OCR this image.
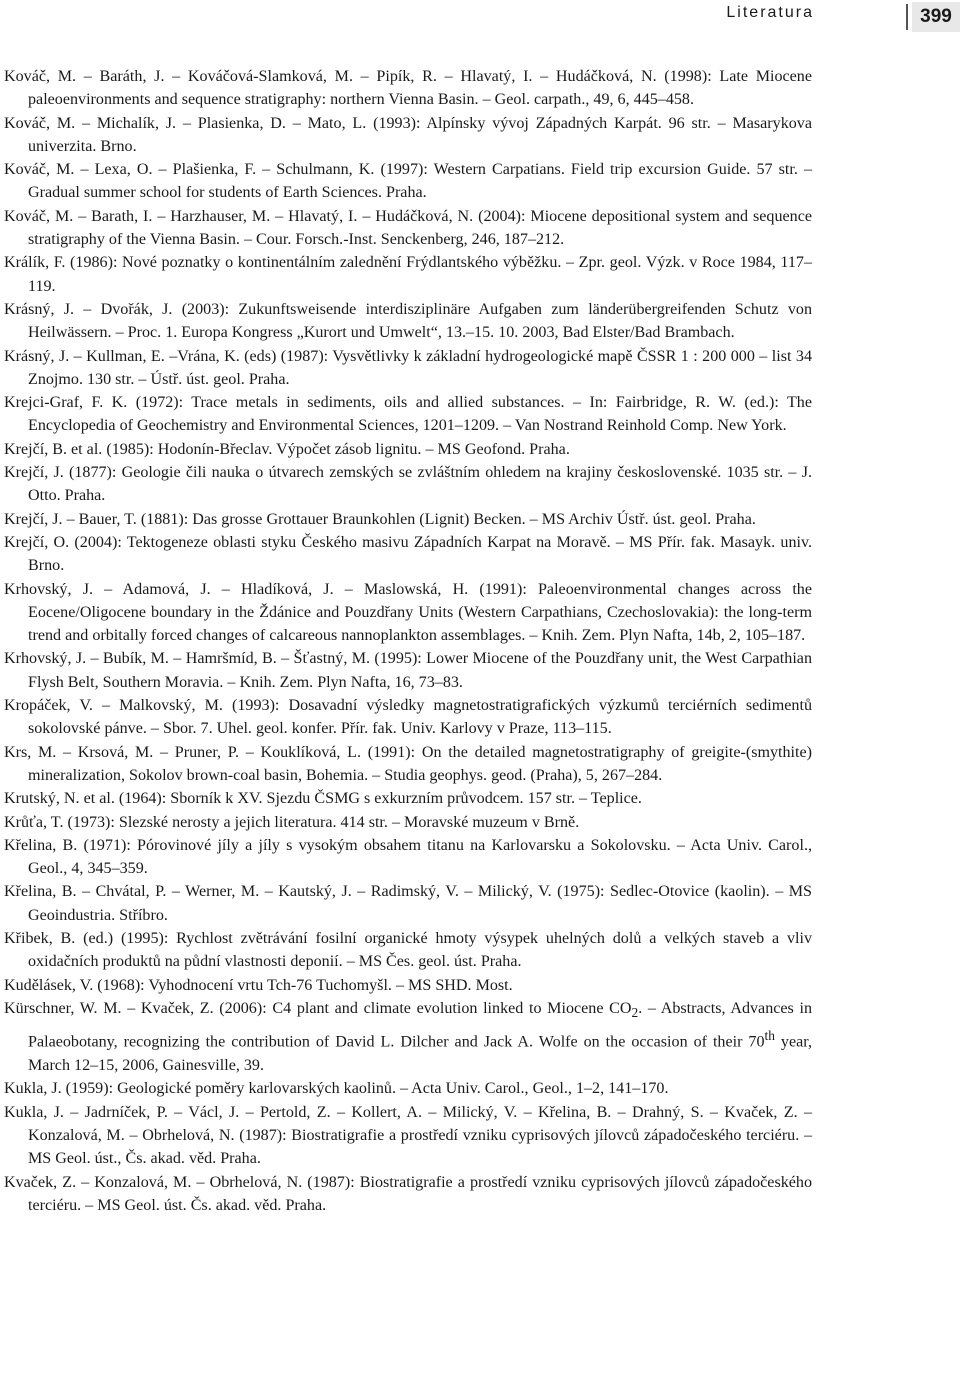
Literatura	399

Kováč, M. – Baráth, J. – Kováčová-Slamková, M. – Pipík, R. – Hlavatý, I. – Hudáčková, N. (1998): Late Miocene paleoenvironments and sequence stratigraphy: northern Vienna Basin. – Geol. carpath., 49, 6, 445–458.

Kováč, M. – Michalík, J. – Plasienka, D. – Mato, L. (1993): Alpínsky vývoj Západných Karpát. 96 str. – Masarykova univerzita. Brno.

Kováč, M. – Lexa, O. – Plašienka, F. – Schulmann, K. (1997): Western Carpatians. Field trip excursion Guide. 57 str. – Gradual summer school for students of Earth Sciences. Praha.

Kováč, M. – Barath, I. – Harzhauser, M. – Hlavatý, I. – Hudáčková, N. (2004): Miocene depositional system and sequence stratigraphy of the Vienna Basin. – Cour. Forsch.-Inst. Senckenberg, 246, 187–212.

Králík, F. (1986): Nové poznatky o kontinentálním zalednění Frýdlantského výběžku. – Zpr. geol. Výzk. v Roce 1984, 117–119.

Krásný, J. – Dvořák, J. (2003): Zukunftsweisende interdisziplinäre Aufgaben zum länderübergreifenden Schutz von Heilwässern. – Proc. 1. Europa Kongress „Kurort und Umwelt“, 13.–15. 10. 2003, Bad Elster/Bad Brambach.

Krásný, J. – Kullman, E. –Vrána, K. (eds) (1987): Vysvětlivky k základní hydrogeologické mapě ČSSR 1 : 200 000 – list 34 Znojmo. 130 str. – Ústř. úst. geol. Praha.

Krejci-Graf, F. K. (1972): Trace metals in sediments, oils and allied substances. – In: Fairbridge, R. W. (ed.): The Encyclopedia of Geochemistry and Environmental Sciences, 1201–1209. – Van Nostrand Reinhold Comp. New York.

Krejčí, B. et al. (1985): Hodonín-Břeclav. Výpočet zásob lignitu. – MS Geofond. Praha.

Krejčí, J. (1877): Geologie čili nauka o útvarech zemských se zvláštním ohledem na krajiny československé. 1035 str. – J. Otto. Praha.

Krejčí, J. – Bauer, T. (1881): Das grosse Grottauer Braunkohlen (Lignit) Becken. – MS Archiv Ústř. úst. geol. Praha.

Krejčí, O. (2004): Tektogeneze oblasti styku Českého masivu Západních Karpat na Moravě. – MS Přír. fak. Masayk. univ. Brno.

Krhovský, J. – Adamová, J. – Hladíková, J. – Maslowská, H. (1991): Paleoenvironmental changes across the Eocene/Oligocene boundary in the Ždánice and Pouzdřany Units (Western Carpathians, Czechoslovakia): the long-term trend and orbitally forced changes of calcareous nannoplankton assemblages. – Knih. Zem. Plyn Nafta, 14b, 2, 105–187.

Krhovský, J. – Bubík, M. – Hamršmíd, B. – Šťastný, M. (1995): Lower Miocene of the Pouzdřany unit, the West Carpathian Flysh Belt, Southern Moravia. – Knih. Zem. Plyn Nafta, 16, 73–83.

Kropáček, V. – Malkovský, M. (1993): Dosavadní výsledky magnetostratigrafických výzkumů terciérních sedimentů sokolovské pánve. – Sbor. 7. Uhel. geol. konfer. Přír. fak. Univ. Karlovy v Praze, 113–115.

Krs, M. – Krsová, M. – Pruner, P. – Kouklíková, L. (1991): On the detailed magnetostratigraphy of greigite-(smythite) mineralization, Sokolov brown-coal basin, Bohemia. – Studia geophys. geod. (Praha), 5, 267–284.

Krutský, N. et al. (1964): Sborník k XV. Sjezdu ČSMG s exkurzním průvodcem. 157 str. – Teplice.

Krůťa, T. (1973): Slezské nerosty a jejich literatura. 414 str. – Moravské muzeum v Brně.

Křelina, B. (1971): Pórovinové jíly a jíly s vysokým obsahem titanu na Karlovarsku a Sokolovsku. – Acta Univ. Carol., Geol., 4, 345–359.

Křelina, B. – Chvátal, P. – Werner, M. – Kautský, J. – Radimský, V. – Milický, V. (1975): Sedlec-Otovice (kaolin). – MS Geoindustria. Stříbro.

Křibek, B. (ed.) (1995): Rychlost zvětrávání fosilní organické hmoty výsypek uhelných dolů a velkých staveb a vliv oxidačních produktů na půdní vlastnosti deponií. – MS Čes. geol. úst. Praha.

Kudělásek, V. (1968): Vyhodnocení vrtu Tch-76 Tuchomyšl. – MS SHD. Most.

Kürschner, W. M. – Kvaček, Z. (2006): C4 plant and climate evolution linked to Miocene $CO_2$. – Abstracts, Advances in Palaeobotany, recognizing the contribution of David L. Dilcher and Jack A. Wolfe on the occasion of their 70th year, March 12–15, 2006, Gainesville, 39.

Kukla, J. (1959): Geologické poměry karlovarských kaolinů. – Acta Univ. Carol., Geol., 1–2, 141–170.

Kukla, J. – Jadrníček, P. – Václ, J. – Pertold, Z. – Kollert, A. – Milický, V. – Křelina, B. – Drahný, S. – Kvaček, Z. – Konzalová, M. – Obrhelová, N. (1987): Biostratigrafie a prostředí vzniku cyprisových jílovců západočeského terciéru. – MS Geol. úst., Čs. akad. věd. Praha.

Kvaček, Z. – Konzalová, M. – Obrhelová, N. (1987): Biostratigrafie a prostředí vzniku cyprisových jílovců západočeského terciéru. – MS Geol. úst. Čs. akad. věd. Praha.
